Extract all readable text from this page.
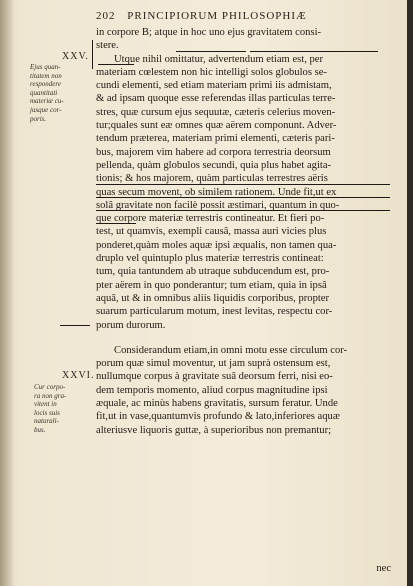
202 PRINCIPIORUM PHILOSOPHIÆ
XXV.
Ejus quan-
titatem non
respondere
quantitati
materiæ cu-
jusque cor-
poris.
XXVI.
Cur corpo-
ra non gra-
vitent in
locis suis
naturali-
bus.
in corpore B; atque in hoc uno ejus gravitatem consi-
stere.
Utque nihil omittatur, advertendum etiam est, per
materiam cœlestem non hic intelligi solos globulos se-
cundi elementi, sed etiam materiam primi iis admistam,
& ad ipsam quoque esse referendas illas particulas terre-
stres, quæ cursum ejus sequutæ, cæteris celerius moven-
tur;quales sunt eæ omnes quæ aërem componunt. Adver-
tendum præterea, materiam primi elementi, cæteris pari-
bus, majorem vim habere ad corpora terrestria deorsum
pellenda, quàm globulos secundi, quia plus habet agita-
tionis; & hos majorem, quàm particulas terrestres aëris
quas secum movent, ob similem rationem. Unde fit,ut ex
solâ gravitate non facilè possit æstimari, quantum in quo-
que corpore materiæ terrestris contineatur. Et fieri po-
test, ut quamvis, exempli causâ, massa auri vicies plus
ponderet,quàm moles aquæ ipsi æqualis, non tamen qua-
druplo vel quintuplo plus materiæ terrestris contineat:
tum, quia tantundem ab utraque subducendum est, pro-
pter aërem in quo ponderantur; tum etiam, quia in ipsâ
aquâ, ut & in omnibus aliis liquidis corporibus, propter
suarum particularum motum, inest levitas, respectu cor-
porum durorum.
Considerandum etiam,in omni motu esse circulum cor-
porum quæ simul moventur, ut jam suprà ostensum est,
nullumque corpus à gravitate suâ deorsum ferri, nisi eo-
dem temporis momento, aliud corpus magnitudine ipsi
æquale, ac minùs habens gravitatis, sursum feratur. Unde
fit,ut in vase,quantumvis profundo & lato,inferiores aquæ
alteriusve liquoris guttæ, à superioribus non premantur;
nec
